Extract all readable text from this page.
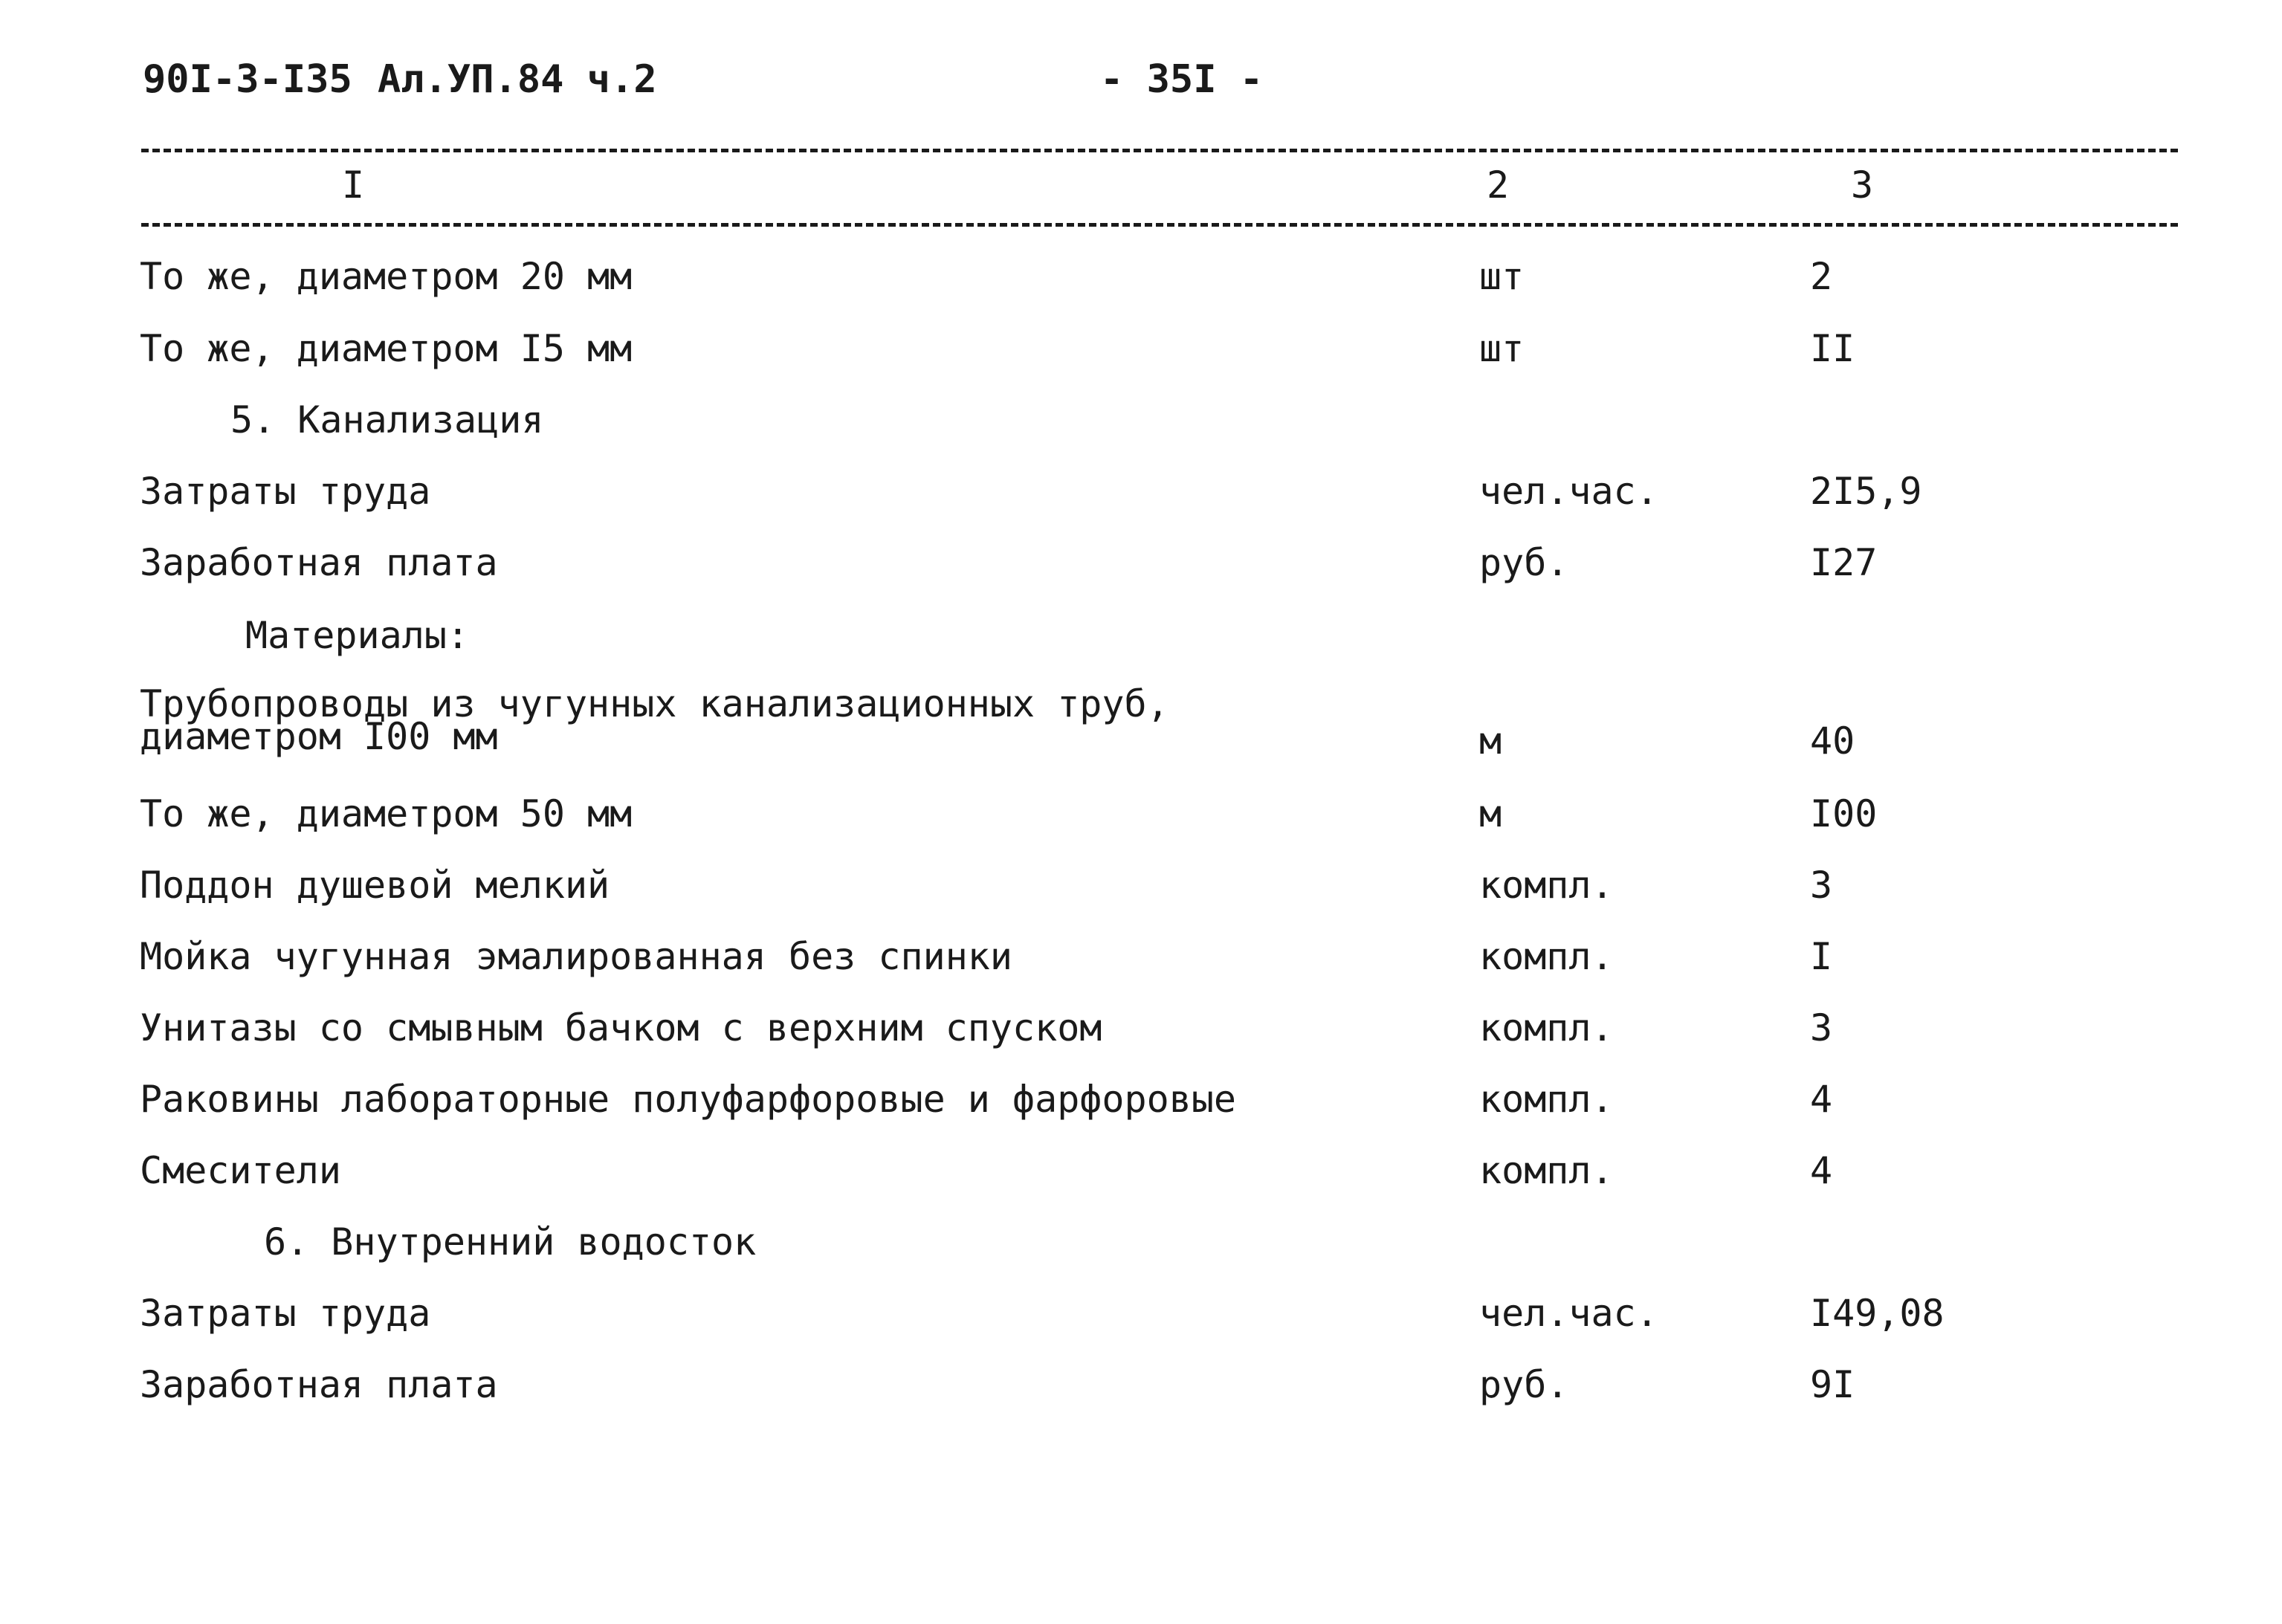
90I-3-I35 Ал.УП.84 ч.2	- 35I -
I	2	3
То же, диаметром 20 мм	шт	2
То же, диаметром I5 мм	шт	II
5. Канализация
Затраты труда	чел.час.	2I5,9
Заработная плата	руб.	I27
Материалы:
Трубопроводы из чугунных канализационных труб,
диаметром I00 мм	м	40
То же, диаметром 50 мм	м	I00
Поддон душевой мелкий	компл.	3
Мойка чугунная эмалированная без спинки	компл.	I
Унитазы со смывным бачком с верхним спуском	компл.	3
Раковины лабораторные полуфарфоровые и фарфоровые	компл.	4
Смесители	компл.	4
6. Внутренний водосток
Затраты труда	чел.час.	I49,08
Заработная плата	руб.	9I
